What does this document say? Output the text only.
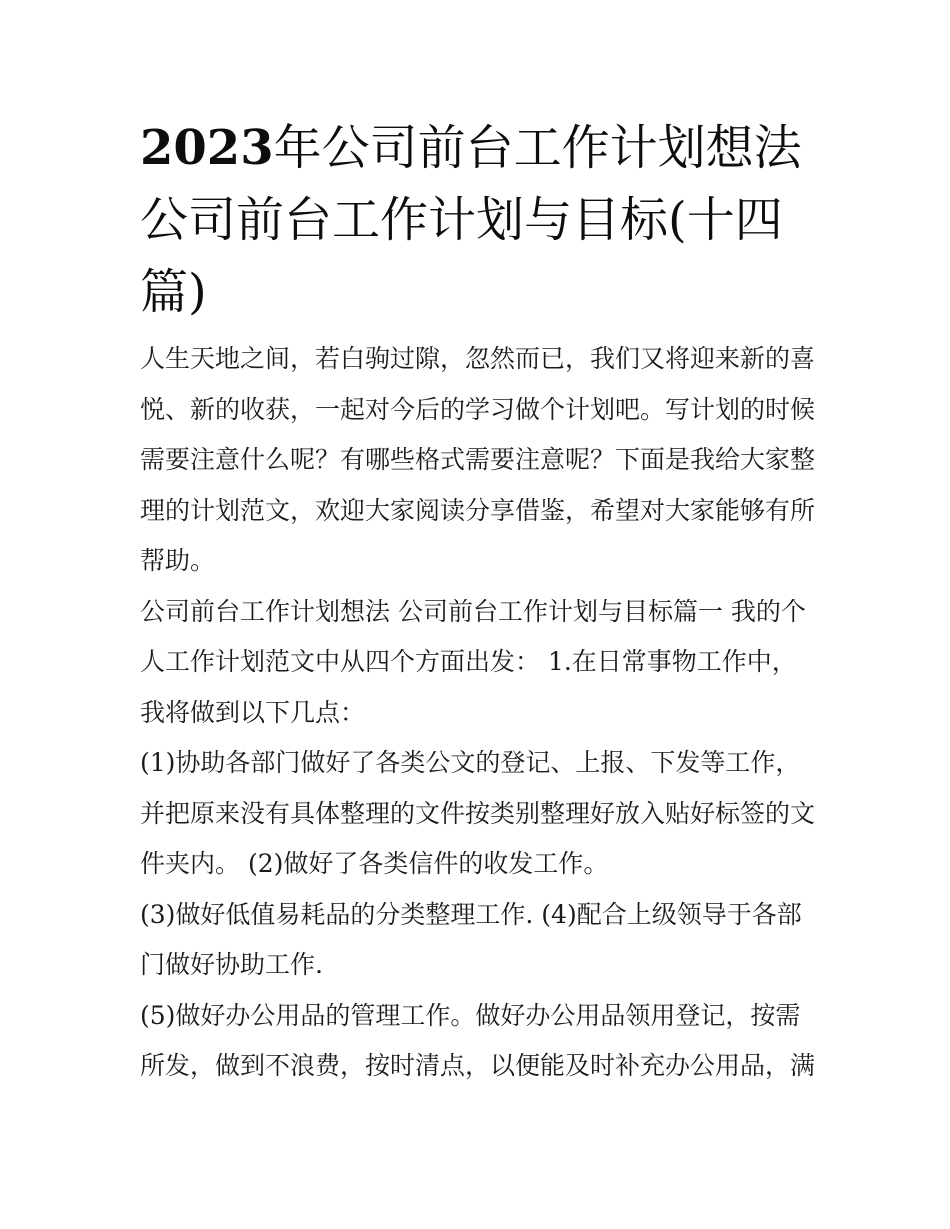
2023年公司前台工作计划想法公司前台工作计划与目标(十四篇)

人生天地之间，若白驹过隙，忽然而已，我们又将迎来新的喜悦、新的收获，一起对今后的学习做个计划吧。写计划的时候需要注意什么呢？有哪些格式需要注意呢？下面是我给大家整理的计划范文，欢迎大家阅读分享借鉴，希望对大家能够有所帮助。

公司前台工作计划想法 公司前台工作计划与目标篇一 我的个人工作计划范文中从四个方面出发： 1.在日常事物工作中，我将做到以下几点：

(1)协助各部门做好了各类公文的登记、上报、下发等工作，并把原来没有具体整理的文件按类别整理好放入贴好标签的文件夹内。 (2)做好了各类信件的收发工作。

(3)做好低值易耗品的分类整理工作. (4)配合上级领导于各部门做好协助工作.

(5)做好办公用品的管理工作。做好办公用品领用登记，按需所发，做到不浪费，按时清点，以便能及时补充办公用品，满
